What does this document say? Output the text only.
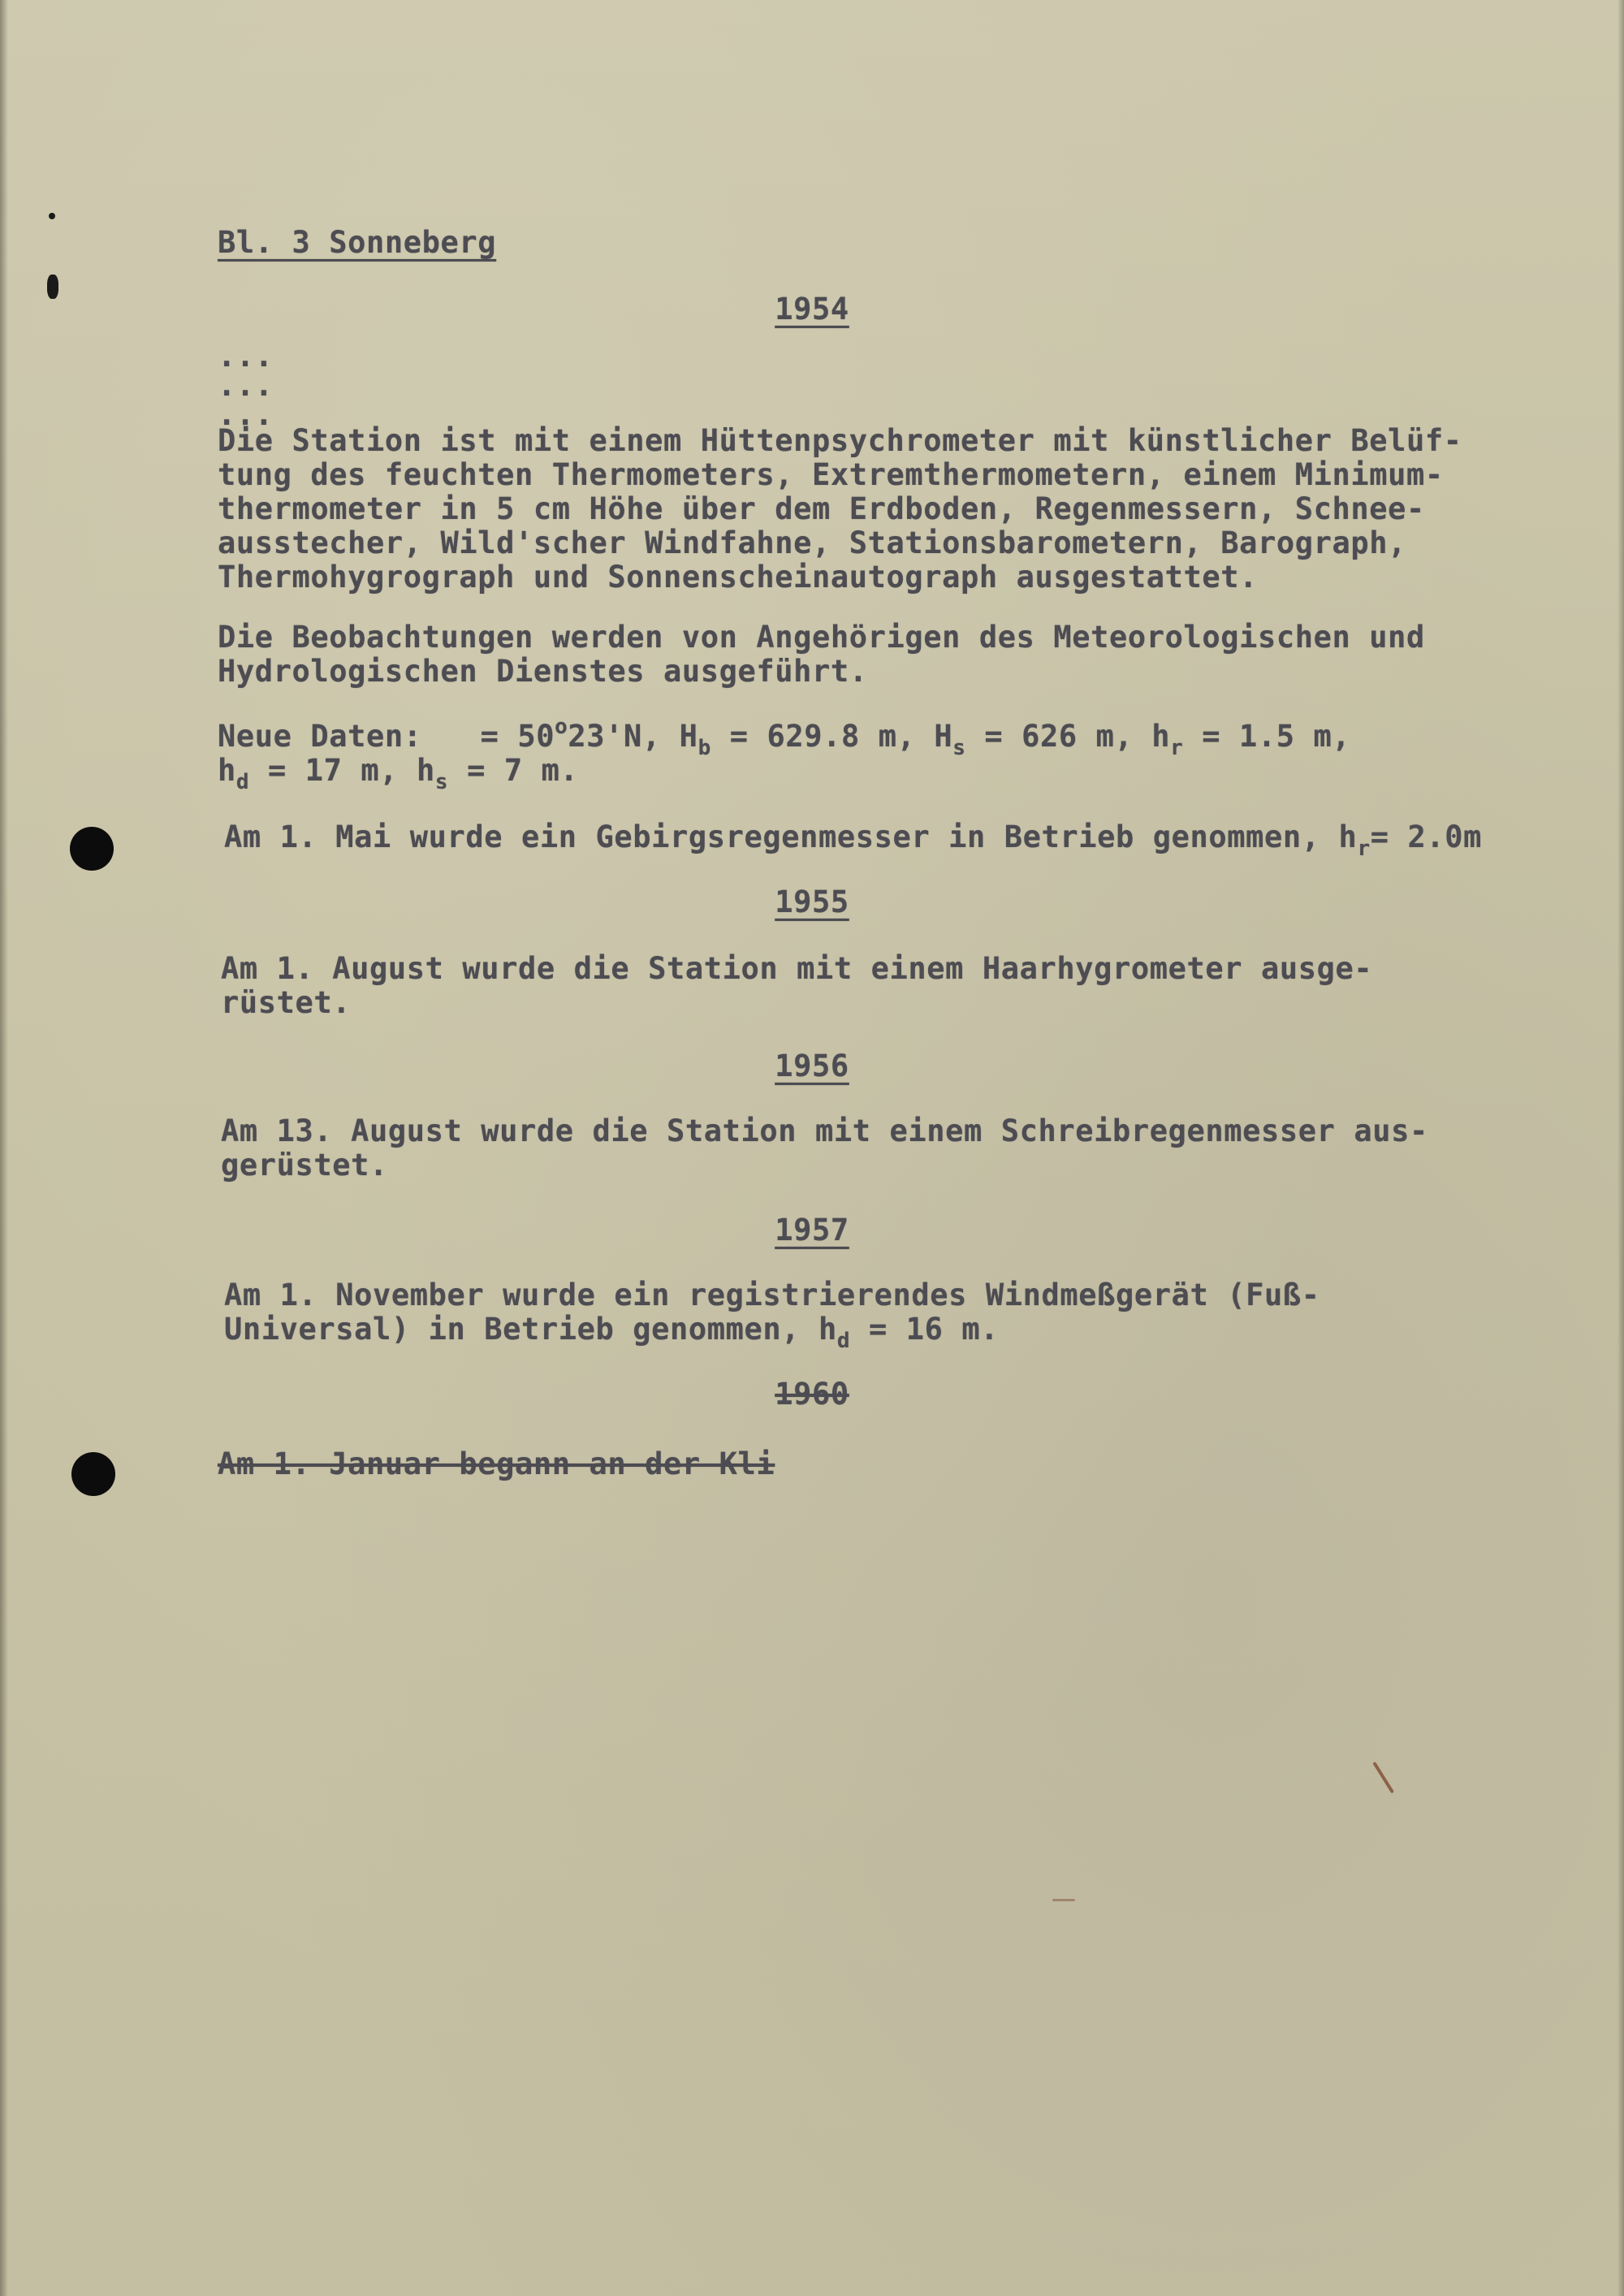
Bl. 3 Sonneberg
1954
...
...
...
Die Station ist mit einem Hüttenpsychrometer mit künstlicher Belüf-
tung des feuchten Thermometers, Extremthermometern, einem Minimum-
thermometer in 5 cm Höhe über dem Erdboden, Regenmessern, Schnee-
ausstecher, Wild'scher Windfahne, Stationsbarometern, Barograph,
Thermohygrograph und Sonnenscheinautograph ausgestattet.
Die Beobachtungen werden von Angehörigen des Meteorologischen und
Hydrologischen Dienstes ausgeführt.
Neue Daten: = $50^o23'N$, $H_b = 629.8$ m, $H_s = 626$ m, $h_r = 1.5$ m,
$h_d = 17$ m, $h_s = 7$ m.
Am 1. Mai wurde ein Gebirgsregenmesser in Betrieb genommen, $h_r= 2.0m$
1955
Am 1. August wurde die Station mit einem Haarhygrometer ausge-
rüstet.
1956
Am 13. August wurde die Station mit einem Schreibregenmesser aus-
gerüstet.
1957
Am 1. November wurde ein registrierendes Windmeßgerät (Fuß-
Universal) in Betrieb genommen, $h_d = 16$ m.
1960
Am 1. Januar begann an der Kli
